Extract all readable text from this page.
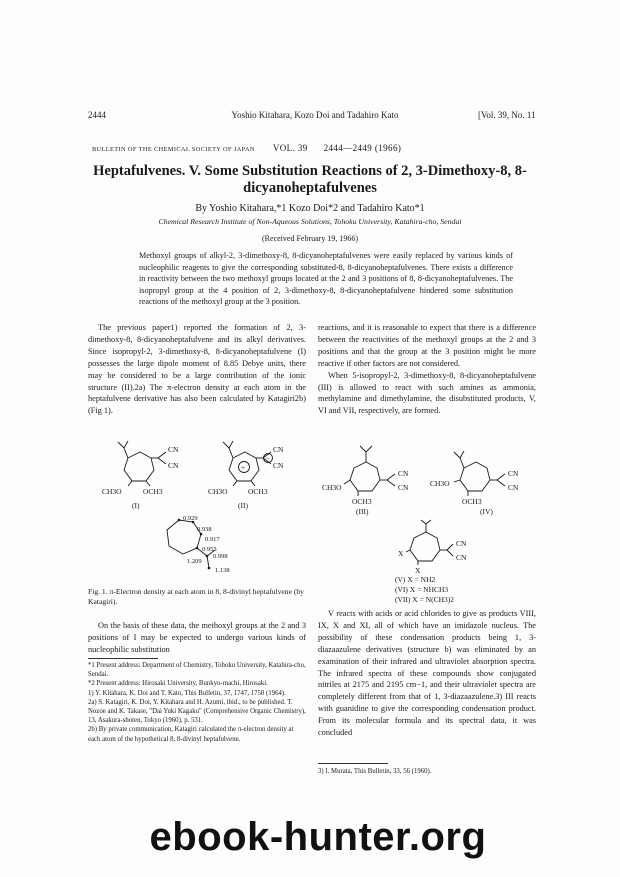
2444	Yoshio Kitahara, Kozo Doi and Tadahiro Kato	[Vol. 39, No. 11
BULLETIN OF THE CHEMICAL SOCIETY OF JAPAN VOL. 39 2444—2449 (1966)
Heptafulvenes. V. Some Substitution Reactions of 2, 3-Dimethoxy-8, 8-dicyanoheptafulvenes
By Yoshio Kitahara,*1 Kozo Doi*2 and Tadahiro Kato*1
Chemical Research Institute of Non-Aqueous Solutions, Tohoku University, Katahira-cho, Sendai
(Received February 19, 1966)
Methoxyl groups of alkyl-2, 3-dimethoxy-8, 8-dicyanoheptafulvenes were easily replaced by various kinds of nucleophilic reagents to give the corresponding substituted-8, 8-dicyanoheptafulvenes. There exists a difference in reactivity between the two methoxyl groups located at the 2 and 3 positions of 8, 8-dicyanoheptafulvenes. The isopropyl group at the 4 position of 2, 3-dimethoxy-8, 8-dicyanoheptafulvene hindered some substitution reactions of the methoxyl group at the 3 position.

The previous paper1) reported the formation of 2, 3-dimethoxy-8, 8-dicyanoheptafulvene and its alkyl derivatives. Since isopropyl-2, 3-dimethoxy-8, 8-dicyanoheptafulvene (I) possesses the large dipole moment of 8.85 Debye units, there may be considered to be a large contribution of the ionic structure (II).2a) The π-electron density at each atom in the heptafulvene derivative has also been calculated by Katagiri2b) (Fig 1).

CN
CN
CH3O	OCH3
(I)
CN
CN
+
−
CH3O	OCH3
(II)
0.929
0.938
0.917
0.953
1.209
0.998
1.138
Fig. 1. π-Electron density at each atom in 8, 8-divinyl heptafulvene (by Katagiri).

On the basis of these data, the methoxyl groups at the 2 and 3 positions of I may be expected to undergo various kinds of nucleophilic substitution

*1 Present address: Department of Chemistry, Tohoku University, Katahira-cho, Sendai.
*2 Present address: Hirosaki University, Bunkyo-machi, Hirosaki.
1) Y. Kitahara, K. Doi and T. Kato, This Bulletin, 37, 1747, 1750 (1964).
2a) S. Katagiri, K. Doi, Y. Kitahara and H. Azumi, ibid., to be published. T. Nozoe and K. Takase, "Dai Yuki Kagaku" (Comprehensive Organic Chemistry), 13, Asakura-shoten, Tokyo (1960), p. 531.
2b) By private communication, Katagiri calculated the π-electron density at each atom of the hypothetical 8, 8-divinyl heptafulvene.

reactions, and it is reasonable to expect that there is a difference between the reactivities of the methoxyl groups at the 2 and 3 positions and that the group at the 3 position might be more reactive if other factors are not considered.

When 5-isopropyl-2, 3-dimethoxy-8, 8-dicyanoheptafulvene (III) is allowed to react with such amines as ammonia, methylamine and dimethylamine, the disubstituted products, V, VI and VII, respectively, are formed.

CN
CN
CH3O
OCH3
(III)
CN
CN
CH3O
OCH3
(IV)
CN
CN
X
X
(V) X = NH2
(VI) X = NHCH3
(VII) X = N(CH3)2

V reacts with acids or acid chlorides to give as products VIII, IX, X and XI, all of which have an imidazole nucleus. The possibility of these condensation products being 1, 3-diazaazulene derivatives (structure b) was eliminated by an examination of their infrared and ultraviolet absorption spectra. The infrared spectra of these compounds show conjugated nitriles at 2175 and 2195 cm−1, and their ultraviolet spectra are completely different from that of 1, 3-diazaazulene.3) III reacts with guanidine to give the corresponding condensation product. From its molecular formula and its spectral data, it was concluded

3) I. Murata, This Bulletin, 33, 56 (1960).
ebook-hunter.org
